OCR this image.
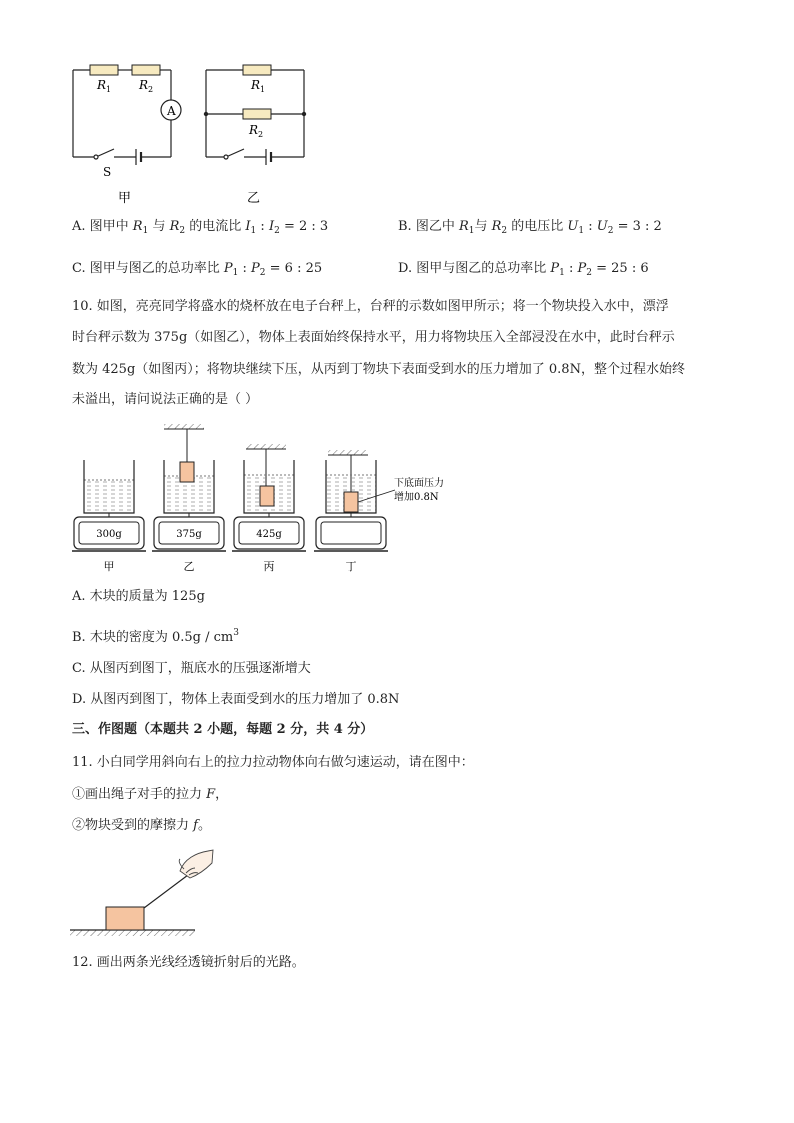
$R_1$ $R_2$
A
S
甲
$R_1$
$R_2$
乙
A. 图甲中 $R_1$ 与 $R_2$ 的电流比 $I_1$ : $I_2 = 2$ : 3	B. 图乙中 $R_1$与 $R_2$ 的电压比 $U_1$ : $U_2 = 3$ : 2
C. 图甲与图乙的总功率比 $P_1$ : $P_2 = 6$ : 25	D. 图甲与图乙的总功率比 $P_1$ : $P_2 = 25$ : 6
10. 如图，亮亮同学将盛水的烧杯放在电子台秤上，台秤的示数如图甲所示；将一个物块投入水中，漂浮
时台秤示数为 375g（如图乙），物体上表面始终保持水平，用力将物块压入全部浸没在水中，此时台秤示
数为 425g（如图丙）；将物块继续下压，从丙到丁物块下表面受到水的压力增加了 0.8N，整个过程水始终
未溢出，请问说法正确的是（ ）
300g
甲
375g
乙
425g
丙	丁
下底面压力
增加0.8N
A. 木块的质量为 125g
B. 木块的密度为 $0.5g / cm^3$
C. 从图丙到图丁，瓶底水的压强逐渐增大
D. 从图丙到图丁，物体上表面受到水的压力增加了 0.8N
三、作图题（本题共 2 小题，每题 2 分，共 4 分）
11. 小白同学用斜向右上的拉力拉动物体向右做匀速运动，请在图中：
①画出绳子对手的拉力 F，
②物块受到的摩擦力 f。
12. 画出两条光线经透镜折射后的光路。
